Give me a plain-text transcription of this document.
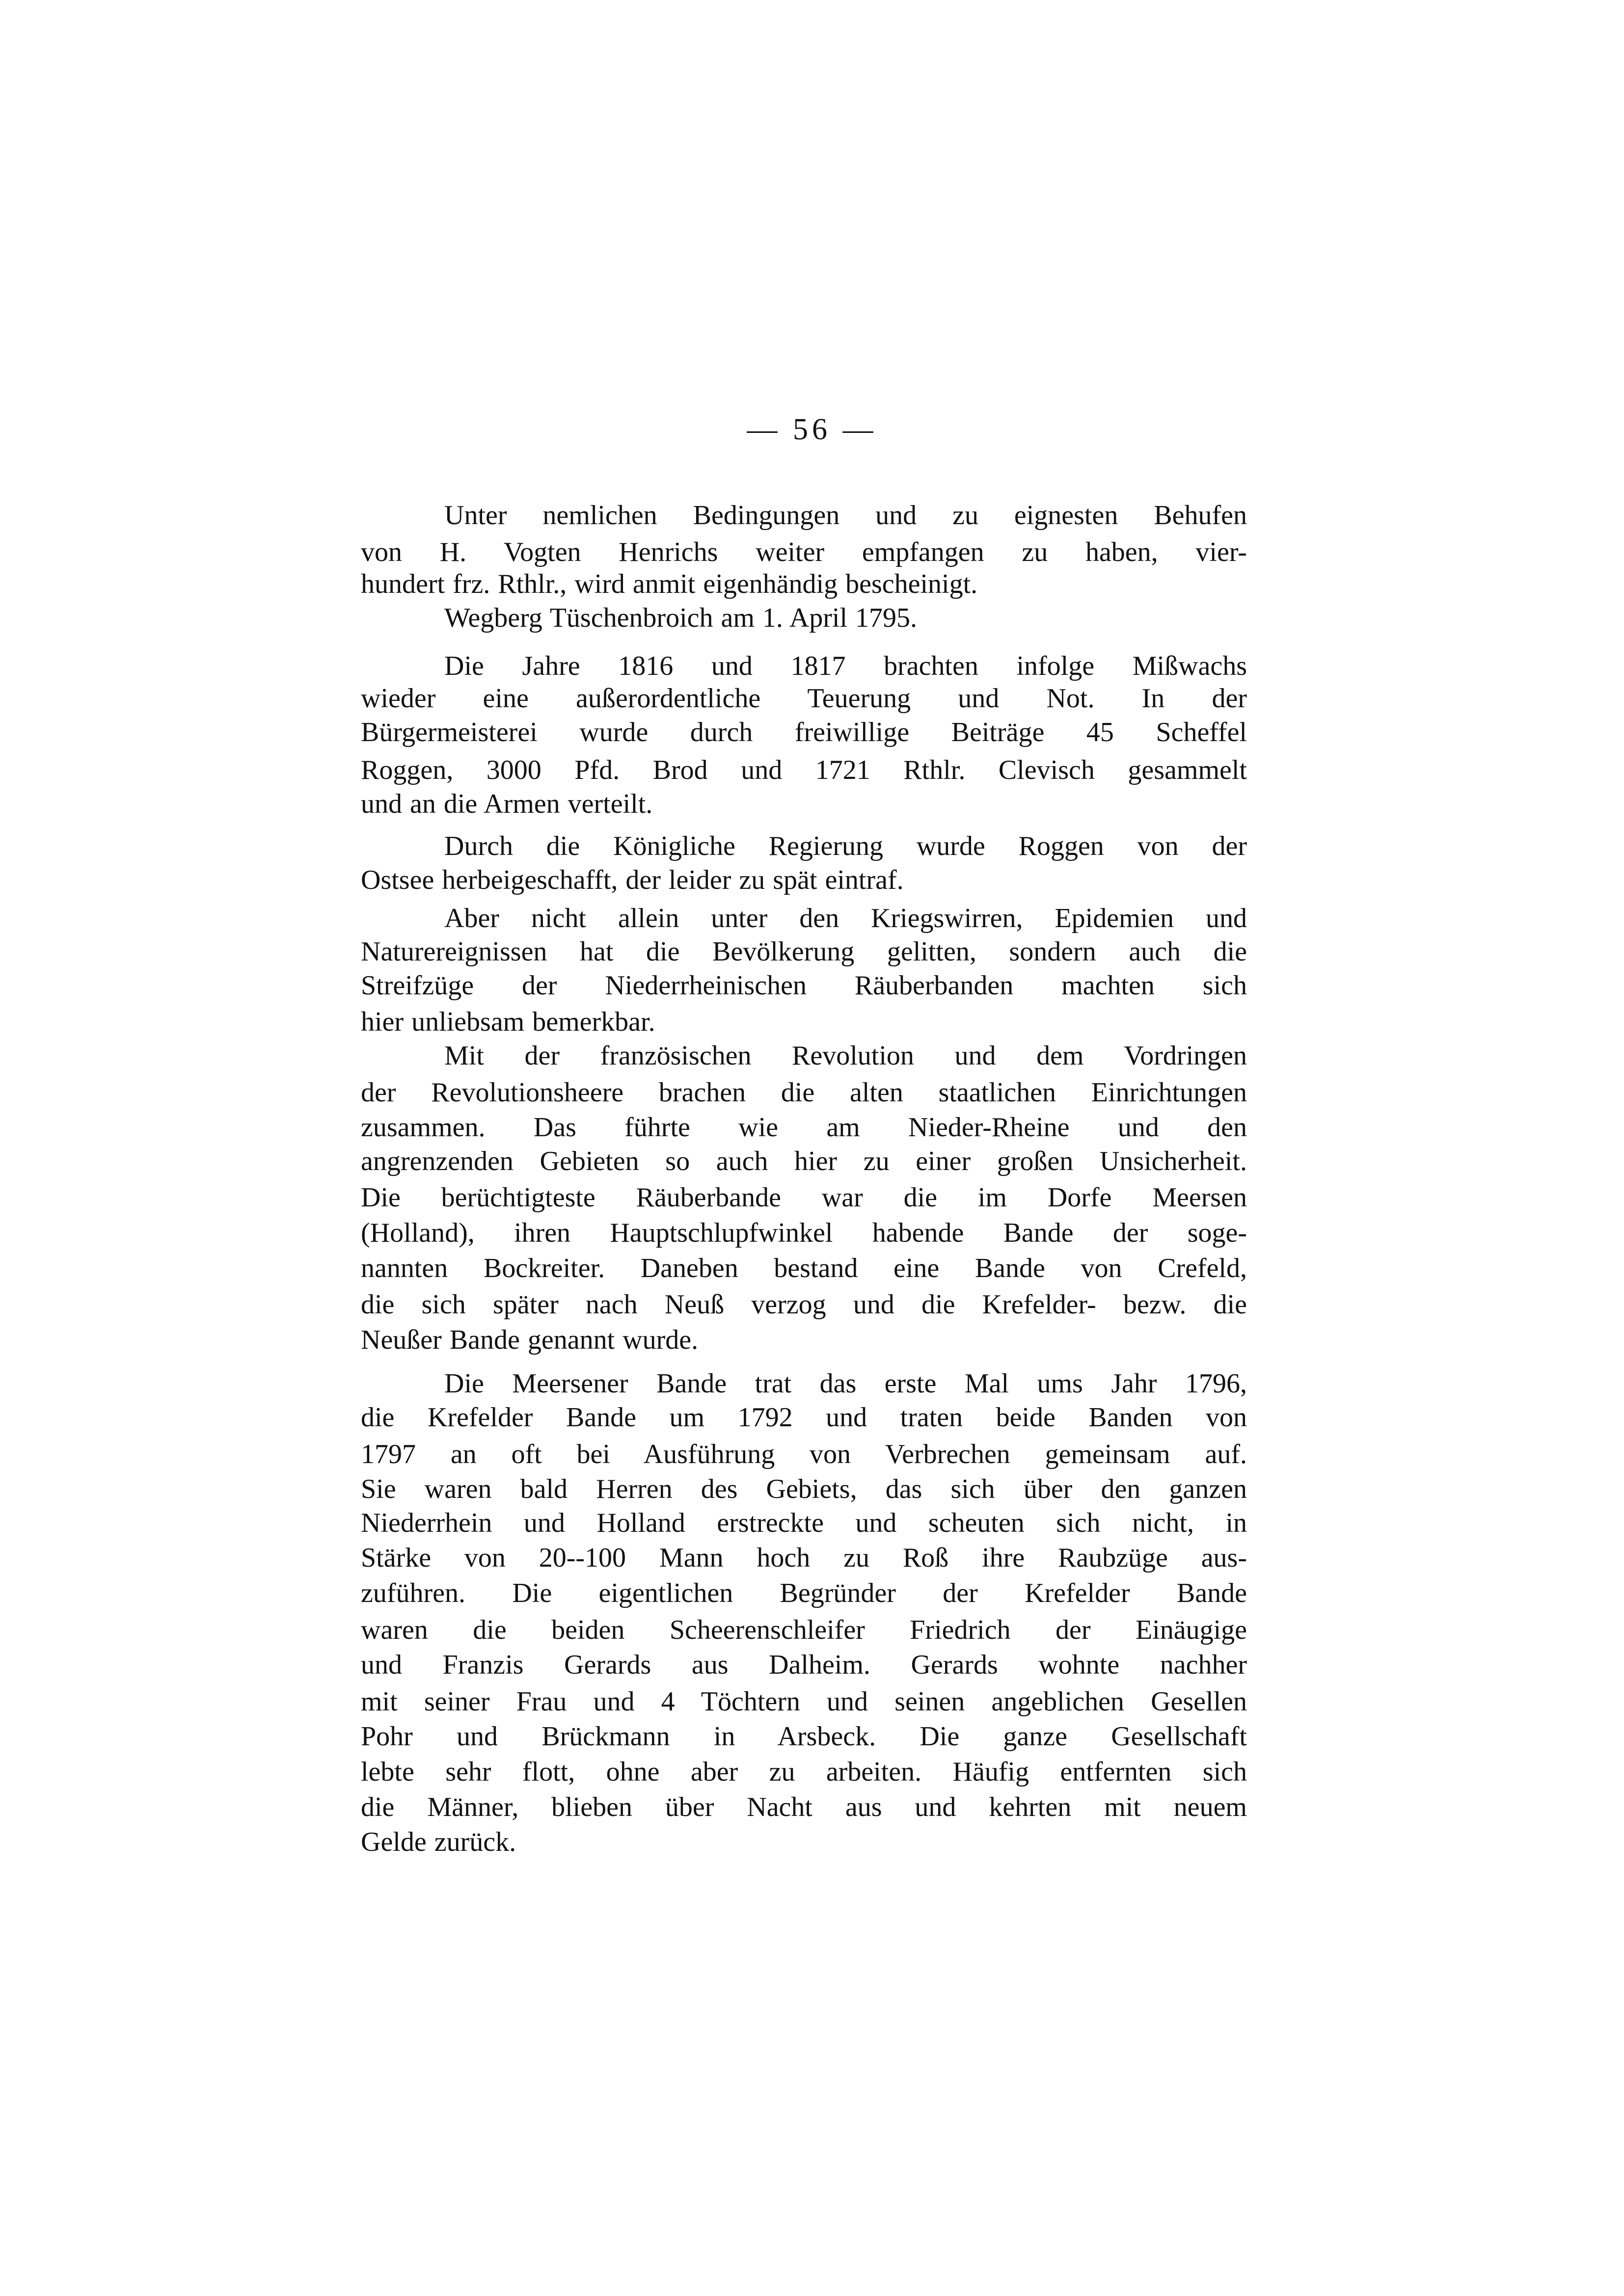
— 56 —
Unter nemlichen Bedingungen und zu eignesten Behufen
von H. Vogten Henrichs weiter empfangen zu haben, vier-
hundert frz. Rthlr., wird anmit eigenhändig bescheinigt.
Wegberg Tüschenbroich am 1. April 1795.
Die Jahre 1816 und 1817 brachten infolge Mißwachs
wieder eine außerordentliche Teuerung und Not. In der
Bürgermeisterei wurde durch freiwillige Beiträge 45 Scheffel
Roggen, 3000 Pfd. Brod und 1721 Rthlr. Clevisch gesammelt
und an die Armen verteilt.
Durch die Königliche Regierung wurde Roggen von der
Ostsee herbeigeschafft, der leider zu spät eintraf.
Aber nicht allein unter den Kriegswirren, Epidemien und
Naturereignissen hat die Bevölkerung gelitten, sondern auch die
Streifzüge der Niederrheinischen Räuberbanden machten sich
hier unliebsam bemerkbar.
Mit der französischen Revolution und dem Vordringen
der Revolutionsheere brachen die alten staatlichen Einrichtungen
zusammen. Das führte wie am Nieder-Rheine und den
angrenzenden Gebieten so auch hier zu einer großen Unsicherheit.
Die berüchtigteste Räuberbande war die im Dorfe Meersen
(Holland), ihren Hauptschlupfwinkel habende Bande der soge-
nannten Bockreiter. Daneben bestand eine Bande von Crefeld,
die sich später nach Neuß verzog und die Krefelder- bezw. die
Neußer Bande genannt wurde.
Die Meersener Bande trat das erste Mal ums Jahr 1796,
die Krefelder Bande um 1792 und traten beide Banden von
1797 an oft bei Ausführung von Verbrechen gemeinsam auf.
Sie waren bald Herren des Gebiets, das sich über den ganzen
Niederrhein und Holland erstreckte und scheuten sich nicht, in
Stärke von 20--100 Mann hoch zu Roß ihre Raubzüge aus-
zuführen. Die eigentlichen Begründer der Krefelder Bande
waren die beiden Scheerenschleifer Friedrich der Einäugige
und Franzis Gerards aus Dalheim. Gerards wohnte nachher
mit seiner Frau und 4 Töchtern und seinen angeblichen Gesellen
Pohr und Brückmann in Arsbeck. Die ganze Gesellschaft
lebte sehr flott, ohne aber zu arbeiten. Häufig entfernten sich
die Männer, blieben über Nacht aus und kehrten mit neuem
Gelde zurück.
